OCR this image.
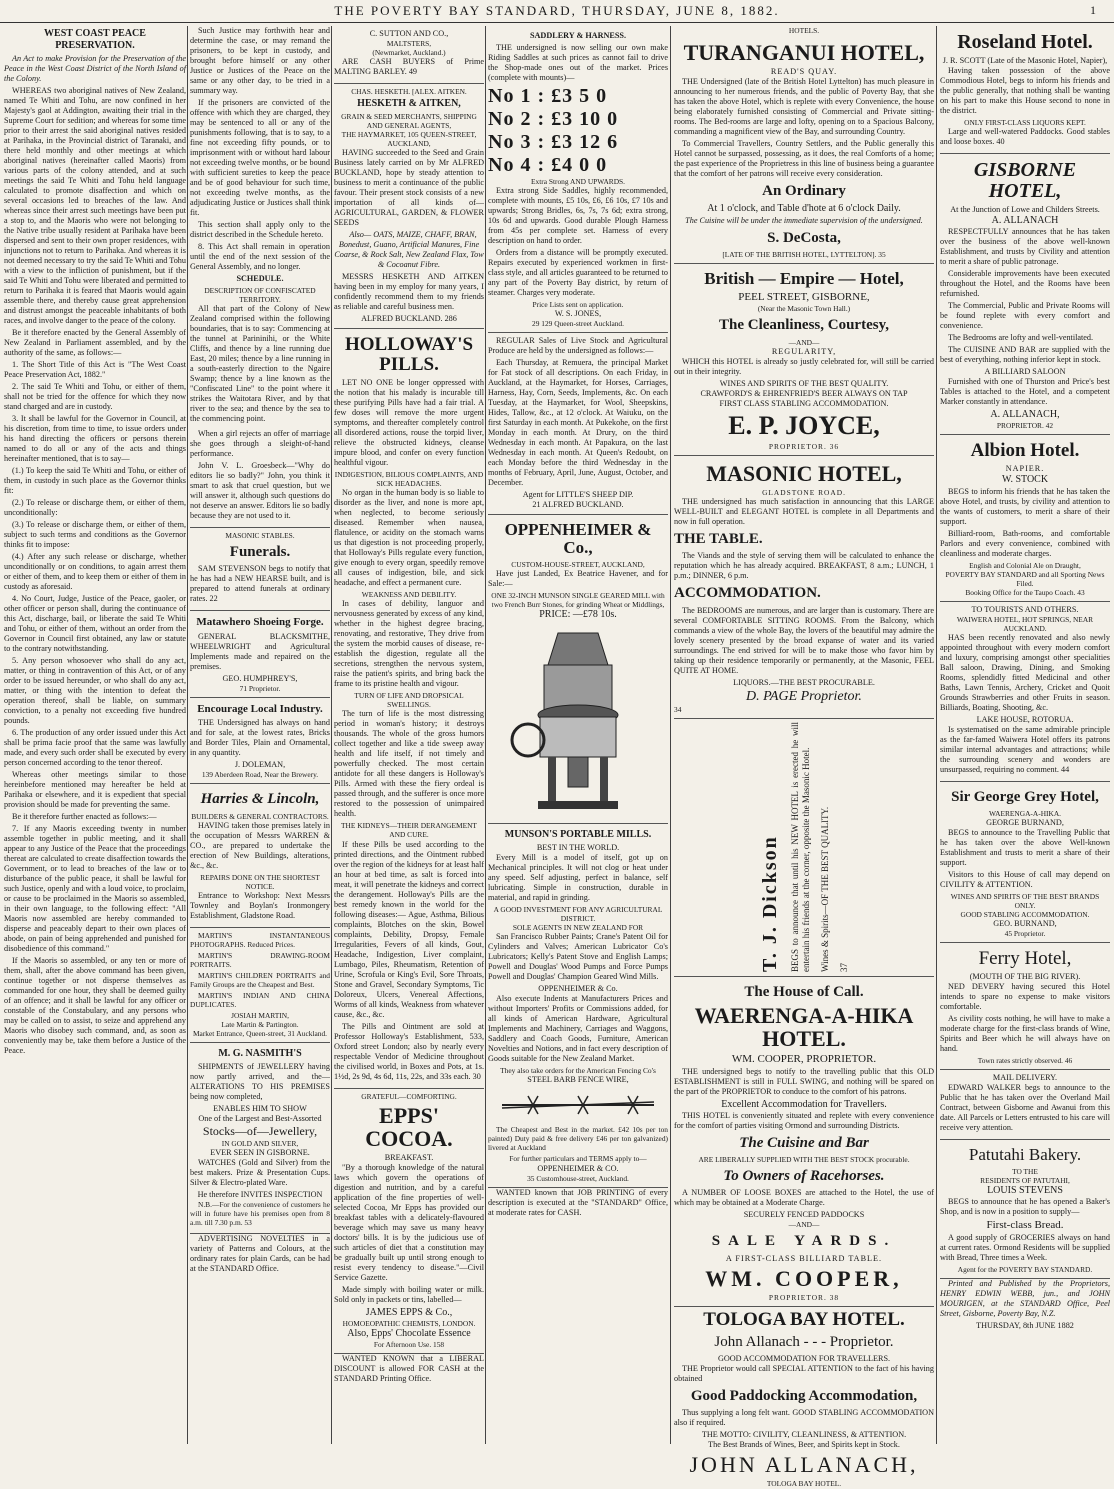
THE POVERTY BAY STANDARD, THURSDAY, JUNE 8, 1882.	1
WEST COAST PEACE PRESERVATION.

An Act to make Provision for the Preservation of the Peace in the West Coast District of the North Island of the Colony.

WHEREAS two aboriginal natives of New Zealand, named Te Whiti and Tohu, are now confined in her Majesty's gaol at Addington, awaiting their trial in the Supreme Court for sedition; and whereas for some time prior to their arrest the said aboriginal natives resided at Parihaka, in the Provincial district of Taranaki, and there held monthly and other meetings at which aboriginal natives (hereinafter called Maoris) from various parts of the colony attended, and at such meetings the said Te Whiti and Tohu held language calculated to promote disaffection and which on several occasions led to breaches of the law. And whereas since their arrest such meetings have been put a stop to, and the Maoris who were not belonging to the Native tribe usually resident at Parihaka have been dispersed and sent to their own proper residences, with injunctions not to return to Parihaka. And whereas it is not deemed necessary to try the said Te Whiti and Tohu with a view to the infliction of punishment, but if the said Te Whiti and Tohu were liberated and permitted to return to Parihaka it is feared that Maoris would again assemble there, and thereby cause great apprehension and distrust amongst the peaceable inhabitants of both races, and involve danger to the peace of the colony.

Be it therefore enacted by the General Assembly of New Zealand in Parliament assembled, and by the authority of the same, as follows:—

1. The Short Title of this Act is "The West Coast Peace Preservation Act, 1882."

2. The said Te Whiti and Tohu, or either of them, shall not be tried for the offence for which they now stand charged and are in custody.

3. It shall be lawful for the Governor in Council, at his discretion, from time to time, to issue orders under his hand directing the officers or persons therein named to do all or any of the acts and things hereinafter mentioned, that is to say—

(1.) To keep the said Te Whiti and Tohu, or either of them, in custody in such place as the Governor thinks fit:

(2.) To release or discharge them, or either of them, unconditionally:

(3.) To release or discharge them, or either of them, subject to such terms and conditions as the Governor thinks fit to impose:

(4.) After any such release or discharge, whether unconditionally or on conditions, to again arrest them or either of them, and to keep them or either of them in custody as aforesaid.

4. No Court, Judge, Justice of the Peace, gaoler, or other officer or person shall, during the continuance of this Act, discharge, bail, or liberate the said Te Whiti and Tohu, or either of them, without an order from the Governor in Council first obtained, any law or statute to the contrary notwithstanding.

5. Any person whosoever who shall do any act, matter, or thing in contravention of this Act, or of any order to be issued hereunder, or who shall do any act, matter, or thing with the intention to defeat the operation thereof, shall be liable, on summary conviction, to a penalty not exceeding five hundred pounds.

6. The production of any order issued under this Act shall be prima facie proof that the same was lawfully made, and every such order shall be executed by every person concerned according to the tenor thereof.

Whereas other meetings similar to those hereinbefore mentioned may hereafter be held at Parihaka or elsewhere, and it is expedient that special provision should be made for preventing the same.

Be it therefore further enacted as follows:—

7. If any Maoris exceeding twenty in number assemble together in public meeting, and it shall appear to any Justice of the Peace that the proceedings thereat are calculated to create disaffection towards the Government, or to lead to breaches of the law or to disturbance of the public peace, it shall be lawful for such Justice, openly and with a loud voice, to proclaim, or cause to be proclaimed in the Maoris so assembled, in their own language, to the following effect: "All Maoris now assembled are hereby commanded to disperse and peaceably depart to their own places of abode, on pain of being apprehended and punished for disobedience of this command."

If the Maoris so assembled, or any ten or more of them, shall, after the above command has been given, continue together or not disperse themselves as commanded for one hour, they shall be deemed guilty of an offence; and it shall be lawful for any officer or constable of the Constabulary, and any persons who may be called on to assist, to seize and apprehend any Maoris who disobey such command, and, as soon as conveniently may be, take them before a Justice of the Peace.

Such Justice may forthwith hear and determine the case, or may remand the prisoners, to be kept in custody, and brought before himself or any other Justice or Justices of the Peace on the same or any other day, to be tried in a summary way.

If the prisoners are convicted of the offence with which they are charged, they may be sentenced to all or any of the punishments following, that is to say, to a fine not exceeding fifty pounds, or to imprisonment with or without hard labour not exceeding twelve months, or be bound with sufficient sureties to keep the peace and be of good behaviour for such time, not exceeding twelve months, as the adjudicating Justice or Justices shall think fit.

This section shall apply only to the district described in the Schedule hereto.

8. This Act shall remain in operation until the end of the next session of the General Assembly, and no longer.

SCHEDULE.
DESCRIPTION OF CONFISCATED TERRITORY.

All that part of the Colony of New Zealand comprised within the following boundaries, that is to say: Commencing at the tunnel at Parininihi, or the White Cliffs, and thence by a line running due East, 20 miles; thence by a line running in a south-easterly direction to the Ngaire Swamp; thence by a line known as the "Confiscated Line" to the point where it strikes the Waitotara River, and by that river to the sea; and thence by the sea to the commencing point.

When a girl rejects an offer of marriage she goes through a sleight-of-hand performance.

John V. L. Groesbeck—"Why do editors lie so badly?" John, you think it smart to ask that cruel question, but we will answer it, although such questions do not deserve an answer. Editors lie so badly because they are not used to it.

MASONIC STABLES.
Funerals.

SAM STEVENSON begs to notify that he has had a NEW HEARSE built, and is prepared to attend funerals at ordinary rates. 22

Matawhero Shoeing Forge.

GENERAL BLACKSMITHE, WHEELWRIGHT and Agricultural Implements made and repaired on the premises.

GEO. HUMPHREY'S,
71 Proprietor.
Encourage Local Industry.

THE Undersigned has always on hand and for sale, at the lowest rates, Bricks and Border Tiles, Plain and Ornamental, in any quantity.

J. DOLEMAN,
139 Aberdeen Road, Near the Brewery.
Harries & Lincoln,
BUILDERS & GENERAL CONTRACTORS.

HAVING taken those premises lately in the occupation of Messrs WARREN & CO., are prepared to undertake the erection of New Buildings, alterations, &c., &c.

REPAIRS DONE ON THE SHORTEST NOTICE.

Entrance to Workshop: Next Messrs Townley and Boylan's Ironmongery Establishment, Gladstone Road.

MARTIN'S INSTANTANEOUS PHOTOGRAPHS. Reduced Prices.

MARTIN'S DRAWING-ROOM PORTRAITS.

MARTIN'S CHILDREN PORTRAITS and Family Groups are the Cheapest and Best.

MARTIN'S INDIAN AND CHINA DUPLICATES.

JOSIAH MARTIN,
Late Martin & Partington.
Market Entrance, Queen-street, 31 Auckland.
M. G. NASMITH'S

SHIPMENTS of JEWELLERY having now partly arrived, and the— ALTERATIONS TO HIS PREMISES being now completed,

ENABLES HIM TO SHOW
One of the Largest and Best-Assorted
Stocks—of—Jewellery,
IN GOLD AND SILVER,
EVER SEEN IN GISBORNE.

WATCHES (Gold and Silver) from the best makers. Prize & Presentation Cups. Silver & Electro-plated Ware.

He therefore INVITES INSPECTION

N.B.—For the convenience of customers he will in future have his premises open from 8 a.m. till 7.30 p.m. 53

ADVERTISING NOVELTIES in a variety of Patterns and Colours, at the ordinary rates for plain Cards, can be had at the STANDARD Office.

C. SUTTON AND CO.,
MALTSTERS,
(Newmarket, Auckland.)

ARE CASH BUYERS of Prime MALTING BARLEY. 49

CHAS. HESKETH. [ALEX. AITKEN.
HESKETH & AITKEN,
GRAIN & SEED MERCHANTS, SHIPPING AND GENERAL AGENTS,
THE HAYMARKET, 105 QUEEN-STREET, AUCKLAND,

HAVING succeeded to the Seed and Grain Business lately carried on by Mr ALFRED BUCKLAND, hope by steady attention to business to merit a continuance of the public favour. Their present stock consists of a new importation of all kinds of— AGRICULTURAL, GARDEN, & FLOWER SEEDS

Also— OATS, MAIZE, CHAFF, BRAN, Bonedust, Guano, Artificial Manures, Fine Coarse, & Rock Salt, New Zealand Flax, Tow & Cocoanut Fibre.

MESSRS HESKETH AND AITKEN having been in my employ for many years, I confidently recommend them to my friends as reliable and careful business men.

ALFRED BUCKLAND. 286
HOLLOWAY'S PILLS.

LET NO ONE be longer oppressed with the notion that his malady is incurable till these purifying Pills have had a fair trial. A few doses will remove the more urgent symptoms, and thereafter completely control all disordered actions, rouse the torpid liver, relieve the obstructed kidneys, cleanse impure blood, and confer on every function healthful vigour.

INDIGESTION, BILIOUS COMPLAINTS, AND SICK HEADACHES.

No organ in the human body is so liable to disorder as the liver, and none is more apt, when neglected, to become seriously diseased. Remember when nausea, flatulence, or acidity on the stomach warns us that digestion is not proceeding properly, that Holloway's Pills regulate every function, give enough to every organ, speedily remove all causes of indigestion, bile, and sick headache, and effect a permanent cure.

WEAKNESS AND DEBILITY.

In cases of debility, languor and nervousness generated by excess of any kind, whether in the highest degree bracing, renovating, and restorative, They drive from the system the morbid causes of disease, re-establish the digestion, regulate all the secretions, strengthen the nervous system, raise the patient's spirits, and bring back the frame to its pristine health and vigour.

TURN OF LIFE AND DROPSICAL SWELLINGS.

The turn of life is the most distressing period in woman's history; it destroys thousands. The whole of the gross humors collect together and like a tide sweep away health and life itself, if not timely and powerfully checked. The most certain antidote for all these dangers is Holloway's Pills. Armed with these the fiery ordeal is passed through, and the sufferer is once more restored to the possession of unimpaired health.

THE KIDNEYS—THEIR DERANGEMENT AND CURE.

If these Pills be used according to the printed directions, and the Ointment rubbed over the region of the kidneys for at least half an hour at bed time, as salt is forced into meat, it will penetrate the kidneys and correct the derangement. Holloway's Pills are the best remedy known in the world for the following diseases:— Ague, Asthma, Bilious complaints, Blotches on the skin, Bowel complaints, Debility, Dropsy, Female Irregularities, Fevers of all kinds, Gout, Headache, Indigestion, Liver complaint, Lumbago, Piles, Rheumatism, Retention of Urine, Scrofula or King's Evil, Sore Throats, Stone and Gravel, Secondary Symptoms, Tic Doloreux, Ulcers, Venereal Affections, Worms of all kinds, Weakness from whatever cause, &c., &c.

The Pills and Ointment are sold at Professor Holloway's Establishment, 533, Oxford street London; also by nearly every respectable Vendor of Medicine throughout the civilised world, in Boxes and Pots, at 1s. 1½d, 2s 9d, 4s 6d, 11s, 22s, and 33s each. 30

GRATEFUL—COMFORTING.
EPPS' COCOA.
BREAKFAST.

"By a thorough knowledge of the natural laws which govern the operations of digestion and nutrition, and by a careful application of the fine properties of well-selected Cocoa, Mr Epps has provided our breakfast tables with a delicately-flavoured beverage which may save us many heavy doctors' bills. It is by the judicious use of such articles of diet that a constitution may be gradually built up until strong enough to resist every tendency to disease."—Civil Service Gazette.

Made simply with boiling water or milk. Sold only in packets or tins, labelled—

JAMES EPPS & Co.,
HOMOEOPATHIC CHEMISTS, LONDON.
Also, Epps' Chocolate Essence
For Afternoon Use. 158

WANTED KNOWN that a LIBERAL DISCOUNT is allowed FOR CASH at the STANDARD Printing Office.

SADDLERY & HARNESS.

THE undersigned is now selling our own make Riding Saddles at such prices as cannot fail to drive the Shop-made ones out of the market. Prices (complete with mounts)—

No 1 : £3 5 0
No 2 : £3 10 0
No 3 : £3 12 6
No 4 : £4 0 0
Extra Strong AND UPWARDS.

Extra strong Side Saddles, highly recommended, complete with mounts, £5 10s, £6, £6 10s, £7 10s and upwards; Strong Bridles, 6s, 7s, 7s 6d; extra strong, 10s 6d and upwards. Good durable Plough Harness from 45s per complete set. Harness of every description on hand to order.

Orders from a distance will be promptly executed. Repairs executed by experienced workmen in first-class style, and all articles guaranteed to be returned to any part of the Poverty Bay district, by return of steamer. Charges very moderate.

Price Lists sent on application.
W. S. JONES,
29 129 Queen-street Auckland.

REGULAR Sales of Live Stock and Agricultural Produce are held by the undersigned as follows:—

Each Thursday, at Remuera, the principal Market for Fat stock of all descriptions. On each Friday, in Auckland, at the Haymarket, for Horses, Carriages, Harness, Hay, Corn, Seeds, Implements, &c. On each Tuesday, at the Haymarket, for Wool, Sheepskins, Hides, Tallow, &c., at 12 o'clock. At Waiuku, on the first Saturday in each month. At Pukekohe, on the first Monday in each month. At Drury, on the third Wednesday in each month. At Papakura, on the last Wednesday in each month. At Queen's Redoubt, on each Monday before the third Wednesday in the months of February, April, June, August, October, and December.

Agent for LITTLE'S SHEEP DIP.
21 ALFRED BUCKLAND.
OPPENHEIMER & Co.,
CUSTOM-HOUSE-STREET, AUCKLAND,

Have just Landed, Ex Beatrice Havener, and for Sale:—

ONE 32-INCH MUNSON SINGLE GEARED MILL with two French Burr Stones, for grinding Wheat or Middlings,
PRICE: —£78 10s.
MUNSON'S PORTABLE MILLS.
BEST IN THE WORLD.

Every Mill is a model of itself, got up on Mechanical principles. It will not clog or heat under any speed. Self adjusting, perfect in balance, self lubricating. Simple in construction, durable in material, and rapid in grinding.

A GOOD INVESTMENT FOR ANY AGRICULTURAL DISTRICT.
SOLE AGENTS IN NEW ZEALAND FOR

San Francisco Rubber Paints; Crane's Patent Oil for Cylinders and Valves; American Lubricator Co's Lubricators; Kelly's Patent Stove and English Lamps; Powell and Douglas' Wood Pumps and Force Pumps Powell and Douglas' Champion Geared Wind Mills.

OPPENHEIMER & Co.

Also execute Indents at Manufacturers Prices and without Importers' Profits or Commissions added, for all kinds of American Hardware, Agricultural Implements and Machinery, Carriages and Waggons, Saddlery and Coach Goods, Furniture, American Novelties and Notions, and in fact every description of Goods suitable for the New Zealand Market.

They also take orders for the American Fencing Co's
STEEL BARB FENCE WIRE,

The Cheapest and Best in the market. £42 10s per ton painted) Duty paid & free delivery £46 per ton galvanized) livered at Auckland

For further particulars and TERMS apply to—
OPPENHEIMER & CO.
35 Customhouse-street, Auckland.

WANTED known that JOB PRINTING of every description is executed at the "STANDARD" Office, at moderate rates for CASH.

HOTELS.
TURANGANUI HOTEL,
READ'S QUAY.

THE Undersigned (late of the British Hotel Lyttelton) has much pleasure in announcing to her numerous friends, and the public of Poverty Bay, that she has taken the above Hotel, which is replete with every Convenience, the house being elaborately furnished consisting of Commercial and Private sitting-rooms. The Bed-rooms are large and lofty, opening on to a Spacious Balcony, commanding a magnificent view of the Bay, and surrounding Country.

To Commercial Travellers, Country Settlers, and the Public generally this Hotel cannot be surpassed, possessing, as it does, the real Comforts of a home; the past experience of the Proprietress in this line of business being a guarantee that the comfort of her patrons will receive every consideration.

An Ordinary
At 1 o'clock, and Table d'hote at 6 o'clock Daily.
The Cuisine will be under the immediate supervision of the undersigned.
S. DeCosta,
[LATE OF THE BRITISH HOTEL, LYTTELTON]. 35
British — Empire — Hotel,
PEEL STREET, GISBORNE,
(Near the Masonic Town Hall.)
The Cleanliness, Courtesy,
—AND—
REGULARITY,

WHICH this HOTEL is already so justly celebrated for, will still be carried out in their integrity.

WINES AND SPIRITS OF THE BEST QUALITY.
CRAWFORD'S & EHRENFRIED'S BEER ALWAYS ON TAP
FIRST CLASS STABLING ACCOMMODATION.
E. P. JOYCE,
PROPRIETOR. 36
MASONIC HOTEL,
GLADSTONE ROAD.

THE undersigned has much satisfaction in announcing that this LARGE WELL-BUILT and ELEGANT HOTEL is complete in all Departments and now in full operation.

THE TABLE.

The Viands and the style of serving them will be calculated to enhance the reputation which he has already acquired. BREAKFAST, 8 a.m.; LUNCH, 1 p.m.; DINNER, 6 p.m.

ACCOMMODATION.

The BEDROOMS are numerous, and are larger than is customary. There are several COMFORTABLE SITTING ROOMS. From the Balcony, which commands a view of the whole Bay, the lovers of the beautiful may admire the lovely scenery presented by the broad expanse of water and its varied surroundings. The end strived for will be to make those who favor him by taking up their residence temporarily or permanently, at the Masonic, FEEL QUITE AT HOME.

LIQUORS.—THE BEST PROCURABLE.
D. PAGE Proprietor.
34
T. J. Dickson BEGS to announce that until his NEW HOTEL is erected he will entertain his friends at the corner, opposite the Masonic Hotel. Wines & Spirits—OF THE BEST QUALITY. 37
The House of Call.
WAERENGA-A-HIKA HOTEL.
WM. COOPER, PROPRIETOR.

THE undersigned begs to notify to the travelling public that this OLD ESTABLISHMENT is still in FULL SWING, and nothing will be spared on the part of the PROPRIETOR to conduce to the comfort of his patrons.

Excellent Accommodation for Travellers.

THIS HOTEL is conveniently situated and replete with every convenience for the comfort of parties visiting Ormond and surrounding Districts.

The Cuisine and Bar
ARE LIBERALLY SUPPLIED WITH THE BEST STOCK procurable.
To Owners of Racehorses.

A NUMBER OF LOOSE BOXES are attached to the Hotel, the use of which may be obtained at a Moderate Charge.

SECURELY FENCED PADDOCKS
—AND—
SALE YARDS.
A FIRST-CLASS BILLIARD TABLE.
WM. COOPER,
PROPRIETOR. 38
TOLOGA BAY HOTEL.
John Allanach - - - Proprietor.
GOOD ACCOMMODATION FOR TRAVELLERS.

THE Proprietor would call SPECIAL ATTENTION to the fact of his having obtained

Good Paddocking Accommodation,

Thus supplying a long felt want. GOOD STABLING ACCOMMODATION also if required.

THE MOTTO: CIVILITY, CLEANLINESS, & ATTENTION.
The Best Brands of Wines, Beer, and Spirits kept in Stock.
JOHN ALLANACH,
TOLOGA BAY HOTEL.
Roseland Hotel.
J. R. SCOTT (Late of the Masonic Hotel, Napier),

Having taken possession of the above Commodious Hotel, begs to inform his friends and the public generally, that nothing shall be wanting on his part to make this House second to none in the district.

ONLY FIRST-CLASS LIQUORS KEPT.

Large and well-watered Paddocks. Good stables and loose boxes. 40

GISBORNE HOTEL,
At the Junction of Lowe and Childers Streets.
A. ALLANACH

RESPECTFULLY announces that he has taken over the business of the above well-known Establishment, and trusts by Civility and attention to merit a share of public patronage.

Considerable improvements have been executed throughout the Hotel, and the Rooms have been refurnished.

The Commercial, Public and Private Rooms will be found replete with every comfort and convenience.

The Bedrooms are lofty and well-ventilated.

The CUISINE AND BAR are supplied with the best of everything, nothing inferior kept in stock.

A BILLIARD SALOON

Furnished with one of Thurston and Price's best Tables is attached to the Hotel, and a competent Marker constantly in attendance.

A. ALLANACH,
PROPRIETOR. 42
Albion Hotel.
NAPIER.
W. STOCK

BEGS to inform his friends that he has taken the above Hotel, and trusts, by civility and attention to the wants of customers, to merit a share of their support.

Billiard-room, Bath-rooms, and comfortable Parlors and every convenience, combined with cleanliness and moderate charges.

English and Colonial Ale on Draught,
POVERTY BAY STANDARD and all Sporting News Filed.
Booking Office for the Taupo Coach. 43
TO TOURISTS AND OTHERS.
WAIWERA HOTEL, HOT SPRINGS, NEAR AUCKLAND.

HAS been recently renovated and also newly appointed throughout with every modern comfort and luxury, comprising amongst other specialities Ball saloon, Drawing, Dining, and Smoking Rooms, splendidly fitted Medicinal and other Baths, Lawn Tennis, Archery, Cricket and Quoit Grounds Strawberries and other Fruits in season. Billiards, Boating, Shooting, &c.

LAKE HOUSE, ROTORUA.

Is systematised on the same admirable principle as the far-famed Waiwera Hotel offers its patrons similar internal advantages and attractions; while the surrounding scenery and wonders are unsurpassed, requiring no comment. 44

Sir George Grey Hotel,
WAERENGA-A-HIKA.
GEORGE BURNAND,

BEGS to announce to the Travelling Public that he has taken over the above Well-known Establishment and trusts to merit a share of their support.

Visitors to this House of call may depend on CIVILITY & ATTENTION.

WINES AND SPIRITS OF THE BEST BRANDS ONLY.
GOOD STABLING ACCOMMODATION.
GEO. BURNAND,
45 Proprietor.
Ferry Hotel,
(MOUTH OF THE BIG RIVER).

NED DEVERY having secured this Hotel intends to spare no expense to make visitors comfortable.

As civility costs nothing, he will have to make a moderate charge for the first-class brands of Wine, Spirits and Beer which he will always have on hand.

Town rates strictly observed. 46
MAIL DELIVERY.

EDWARD WALKER begs to announce to the Public that he has taken over the Overland Mail Contract, between Gisborne and Awanui from this date. All Parcels or Letters entrusted to his care will receive very attention.

Patutahi Bakery.
TO THE
RESIDENTS OF PATUTAHI,
LOUIS STEVENS

BEGS to announce that he has opened a Baker's Shop, and is now in a position to supply—

First-class Bread.

A good supply of GROCERIES always on hand at current rates. Ormond Residents will be supplied with Bread, Three times a Week.

Agent for the POVERTY BAY STANDARD.

Printed and Published by the Proprietors, HENRY EDWIN WEBB, jun., and JOHN MOURIGEN, at the STANDARD Office, Peel Street, Gisborne, Poverty Bay, N.Z.

THURSDAY, 8th JUNE 1882
